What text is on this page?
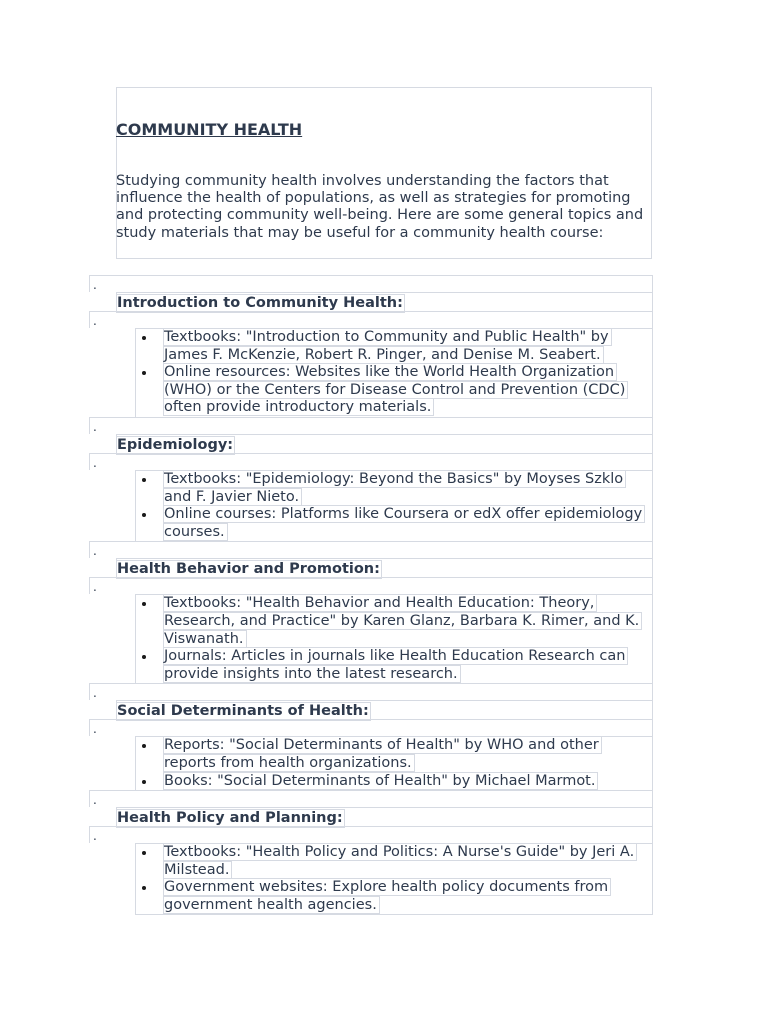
COMMUNITY HEALTH

Studying community health involves understanding the factors that influence the health of populations, as well as strategies for promoting and protecting community well-being. Here are some general topics and study materials that may be useful for a community health course:

.
Introduction to Community Health:
.
Textbooks: "Introduction to Community and Public Health" by James F. McKenzie, Robert R. Pinger, and Denise M. Seabert.
Online resources: Websites like the World Health Organization (WHO) or the Centers for Disease Control and Prevention (CDC) often provide introductory materials.
.
Epidemiology:
.
Textbooks: "Epidemiology: Beyond the Basics" by Moyses Szklo and F. Javier Nieto.
Online courses: Platforms like Coursera or edX offer epidemiology courses.
.
Health Behavior and Promotion:
.
Textbooks: "Health Behavior and Health Education: Theory, Research, and Practice" by Karen Glanz, Barbara K. Rimer, and K. Viswanath.
Journals: Articles in journals like Health Education Research can provide insights into the latest research.
.
Social Determinants of Health:
.
Reports: "Social Determinants of Health" by WHO and other reports from health organizations.
Books: "Social Determinants of Health" by Michael Marmot.
.
Health Policy and Planning:
.
Textbooks: "Health Policy and Politics: A Nurse's Guide" by Jeri A. Milstead.
Government websites: Explore health policy documents from government health agencies.
